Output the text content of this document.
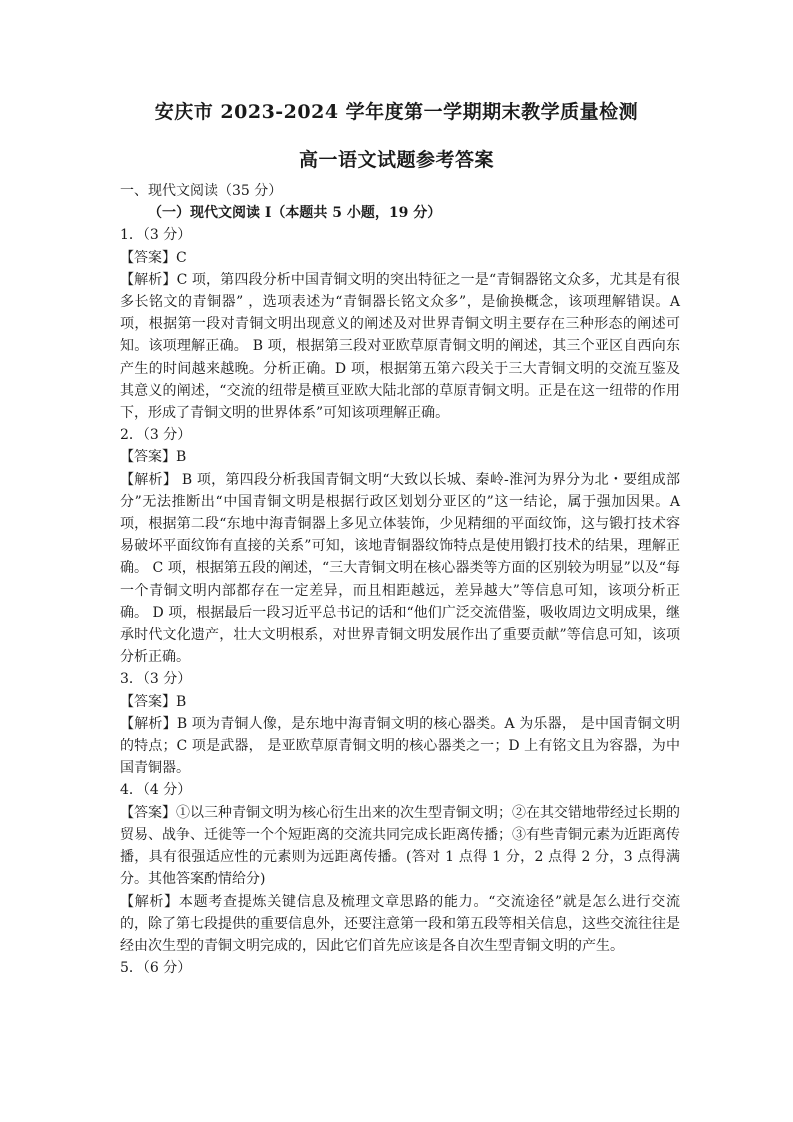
安庆市 2023-2024 学年度第一学期期末教学质量检测
高一语文试题参考答案

一、现代文阅读（35 分）

（一）现代文阅读 I（本题共 5 小题，19 分）

1．（3 分）

【答案】C

【解析】C 项，第四段分析中国青铜文明的突出特征之一是“青铜器铭文众多，尤其是有很多长铭文的青铜器” ，选项表述为“青铜器长铭文众多”，是偷换概念，该项理解错误。A 项，根据第一段对青铜文明出现意义的阐述及对世界青铜文明主要存在三种形态的阐述可知。该项理解正确。 B 项，根据第三段对亚欧草原青铜文明的阐述，其三个亚区自西向东产生的时间越来越晚。分析正确。D 项，根据第五第六段关于三大青铜文明的交流互鉴及其意义的阐述，“交流的纽带是横亘亚欧大陆北部的草原青铜文明。正是在这一纽带的作用下，形成了青铜文明的世界体系”可知该项理解正确。

2．（3 分）

【答案】B

【解析】 B 项，第四段分析我国青铜文明“大致以长城、秦岭-淮河为界分为北・要组成部分”无法推断出“中国青铜文明是根据行政区划划分亚区的”这一结论，属于强加因果。A 项，根据第二段“东地中海青铜器上多见立体装饰，少见精细的平面纹饰，这与锻打技术容易破坏平面纹饰有直接的关系”可知，该地青铜器纹饰特点是使用锻打技术的结果，理解正确。 C 项，根据第五段的阐述，“三大青铜文明在核心器类等方面的区别较为明显”以及“每一个青铜文明内部都存在一定差异，而且相距越远，差异越大”等信息可知，该项分析正确。 D 项，根据最后一段习近平总书记的话和“他们广泛交流借鉴，吸收周边文明成果，继承时代文化遗产，壮大文明根系，对世界青铜文明发展作出了重要贡献”等信息可知，该项分析正确。

3．（3 分）

【答案】B

【解析】B 项为青铜人像，是东地中海青铜文明的核心器类。A 为乐器， 是中国青铜文明的特点；C 项是武器， 是亚欧草原青铜文明的核心器类之一；D 上有铭文且为容器，为中国青铜器。

4．（4 分）

【答案】①以三种青铜文明为核心衍生出来的次生型青铜文明；②在其交错地带经过长期的贸易、战争、迁徙等一个个短距离的交流共同完成长距离传播；③有些青铜元素为近距离传播，具有很强适应性的元素则为远距离传播。(答对 1 点得 1 分，2 点得 2 分，3 点得满分。其他答案酌情给分)

【解析】本题考查提炼关键信息及梳理文章思路的能力。“交流途径”就是怎么进行交流的，除了第七段提供的重要信息外，还要注意第一段和第五段等相关信息，这些交流往往是经由次生型的青铜文明完成的，因此它们首先应该是各自次生型青铜文明的产生。

5．（6 分）
